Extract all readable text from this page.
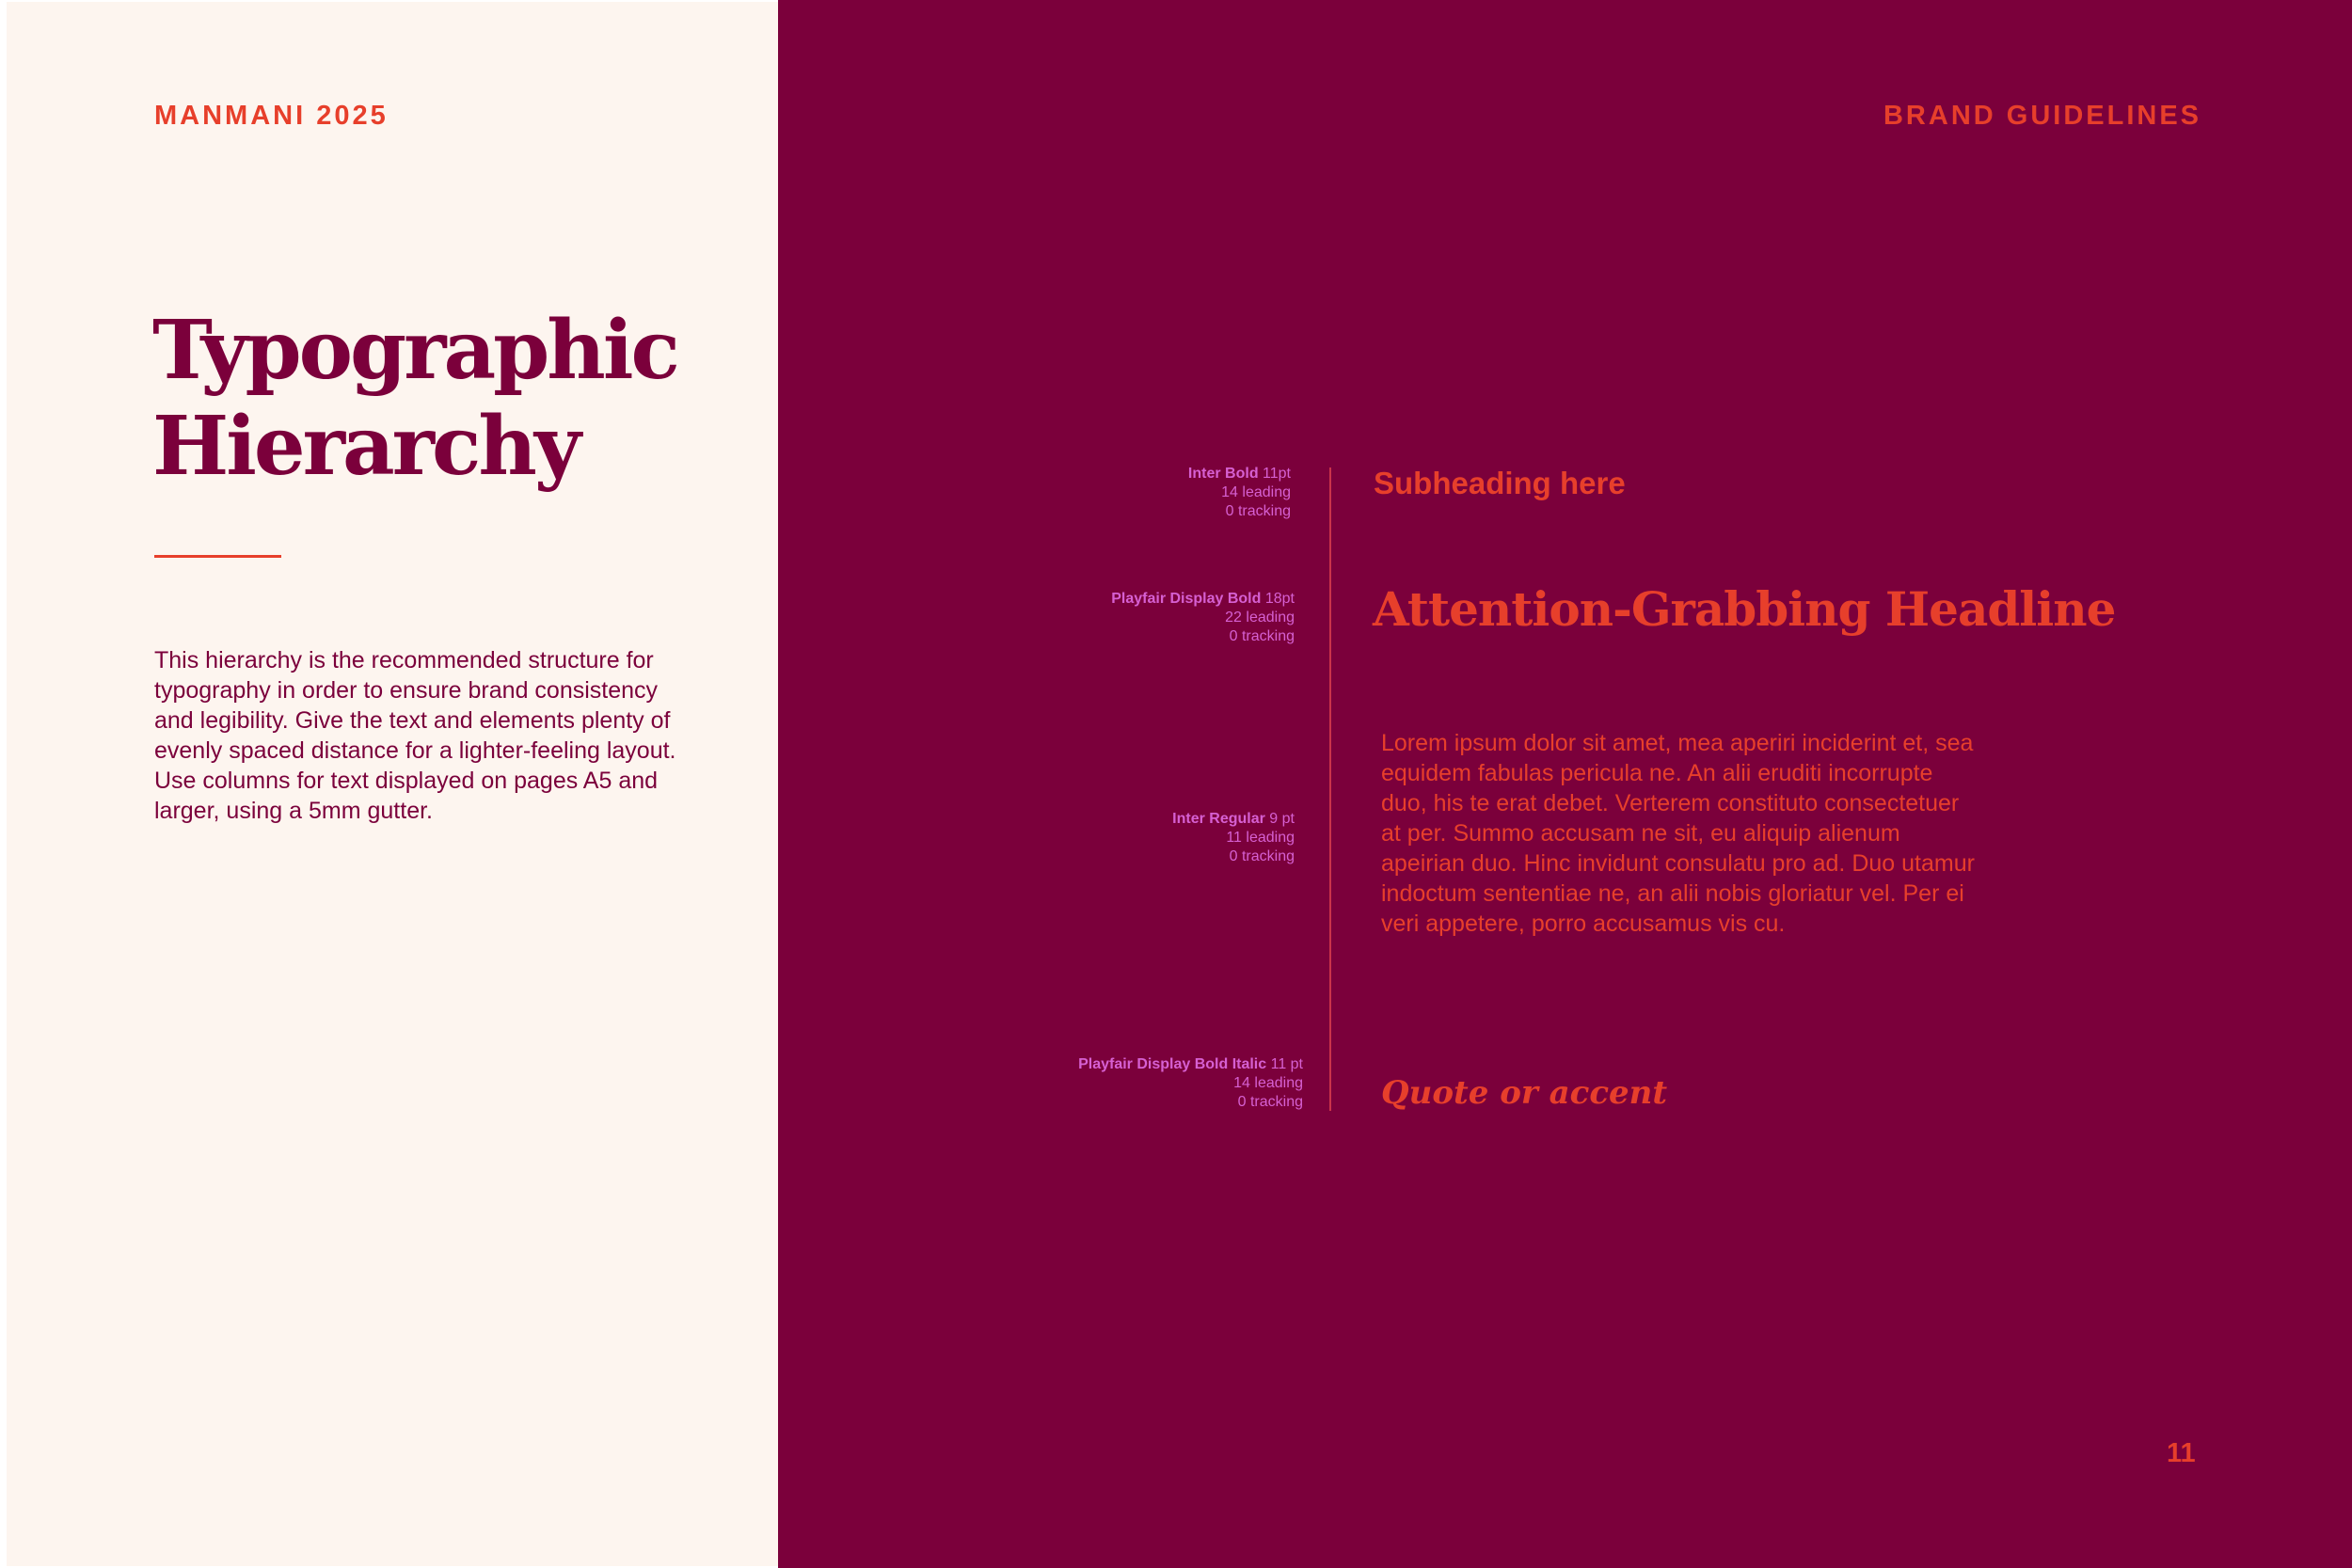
MANMANI 2025
Typographic
Hierarchy
This hierarchy is the recommended structure for typography in order to ensure brand consistency and legibility. Give the text and elements plenty of evenly spaced distance for a lighter-feeling layout. Use columns for text displayed on pages A5 and larger, using a 5mm gutter.
BRAND GUIDELINES
Inter Bold 11pt
14 leading
0 tracking
Playfair Display Bold 18pt
22 leading
0 tracking
Inter Regular 9 pt
11 leading
0 tracking
Playfair Display Bold Italic 11 pt
14 leading
0 tracking
Subheading here
Attention-Grabbing Headline
Lorem ipsum dolor sit amet, mea aperiri inciderint et, sea equidem fabulas pericula ne. An alii eruditi incorrupte duo, his te erat debet. Verterem constituto consectetuer at per. Summo accusam ne sit, eu aliquip alienum apeirian duo. Hinc invidunt consulatu pro ad. Duo utamur indoctum sententiae ne, an alii nobis gloriatur vel. Per ei veri appetere, porro accusamus vis cu.
Quote or accent
11
